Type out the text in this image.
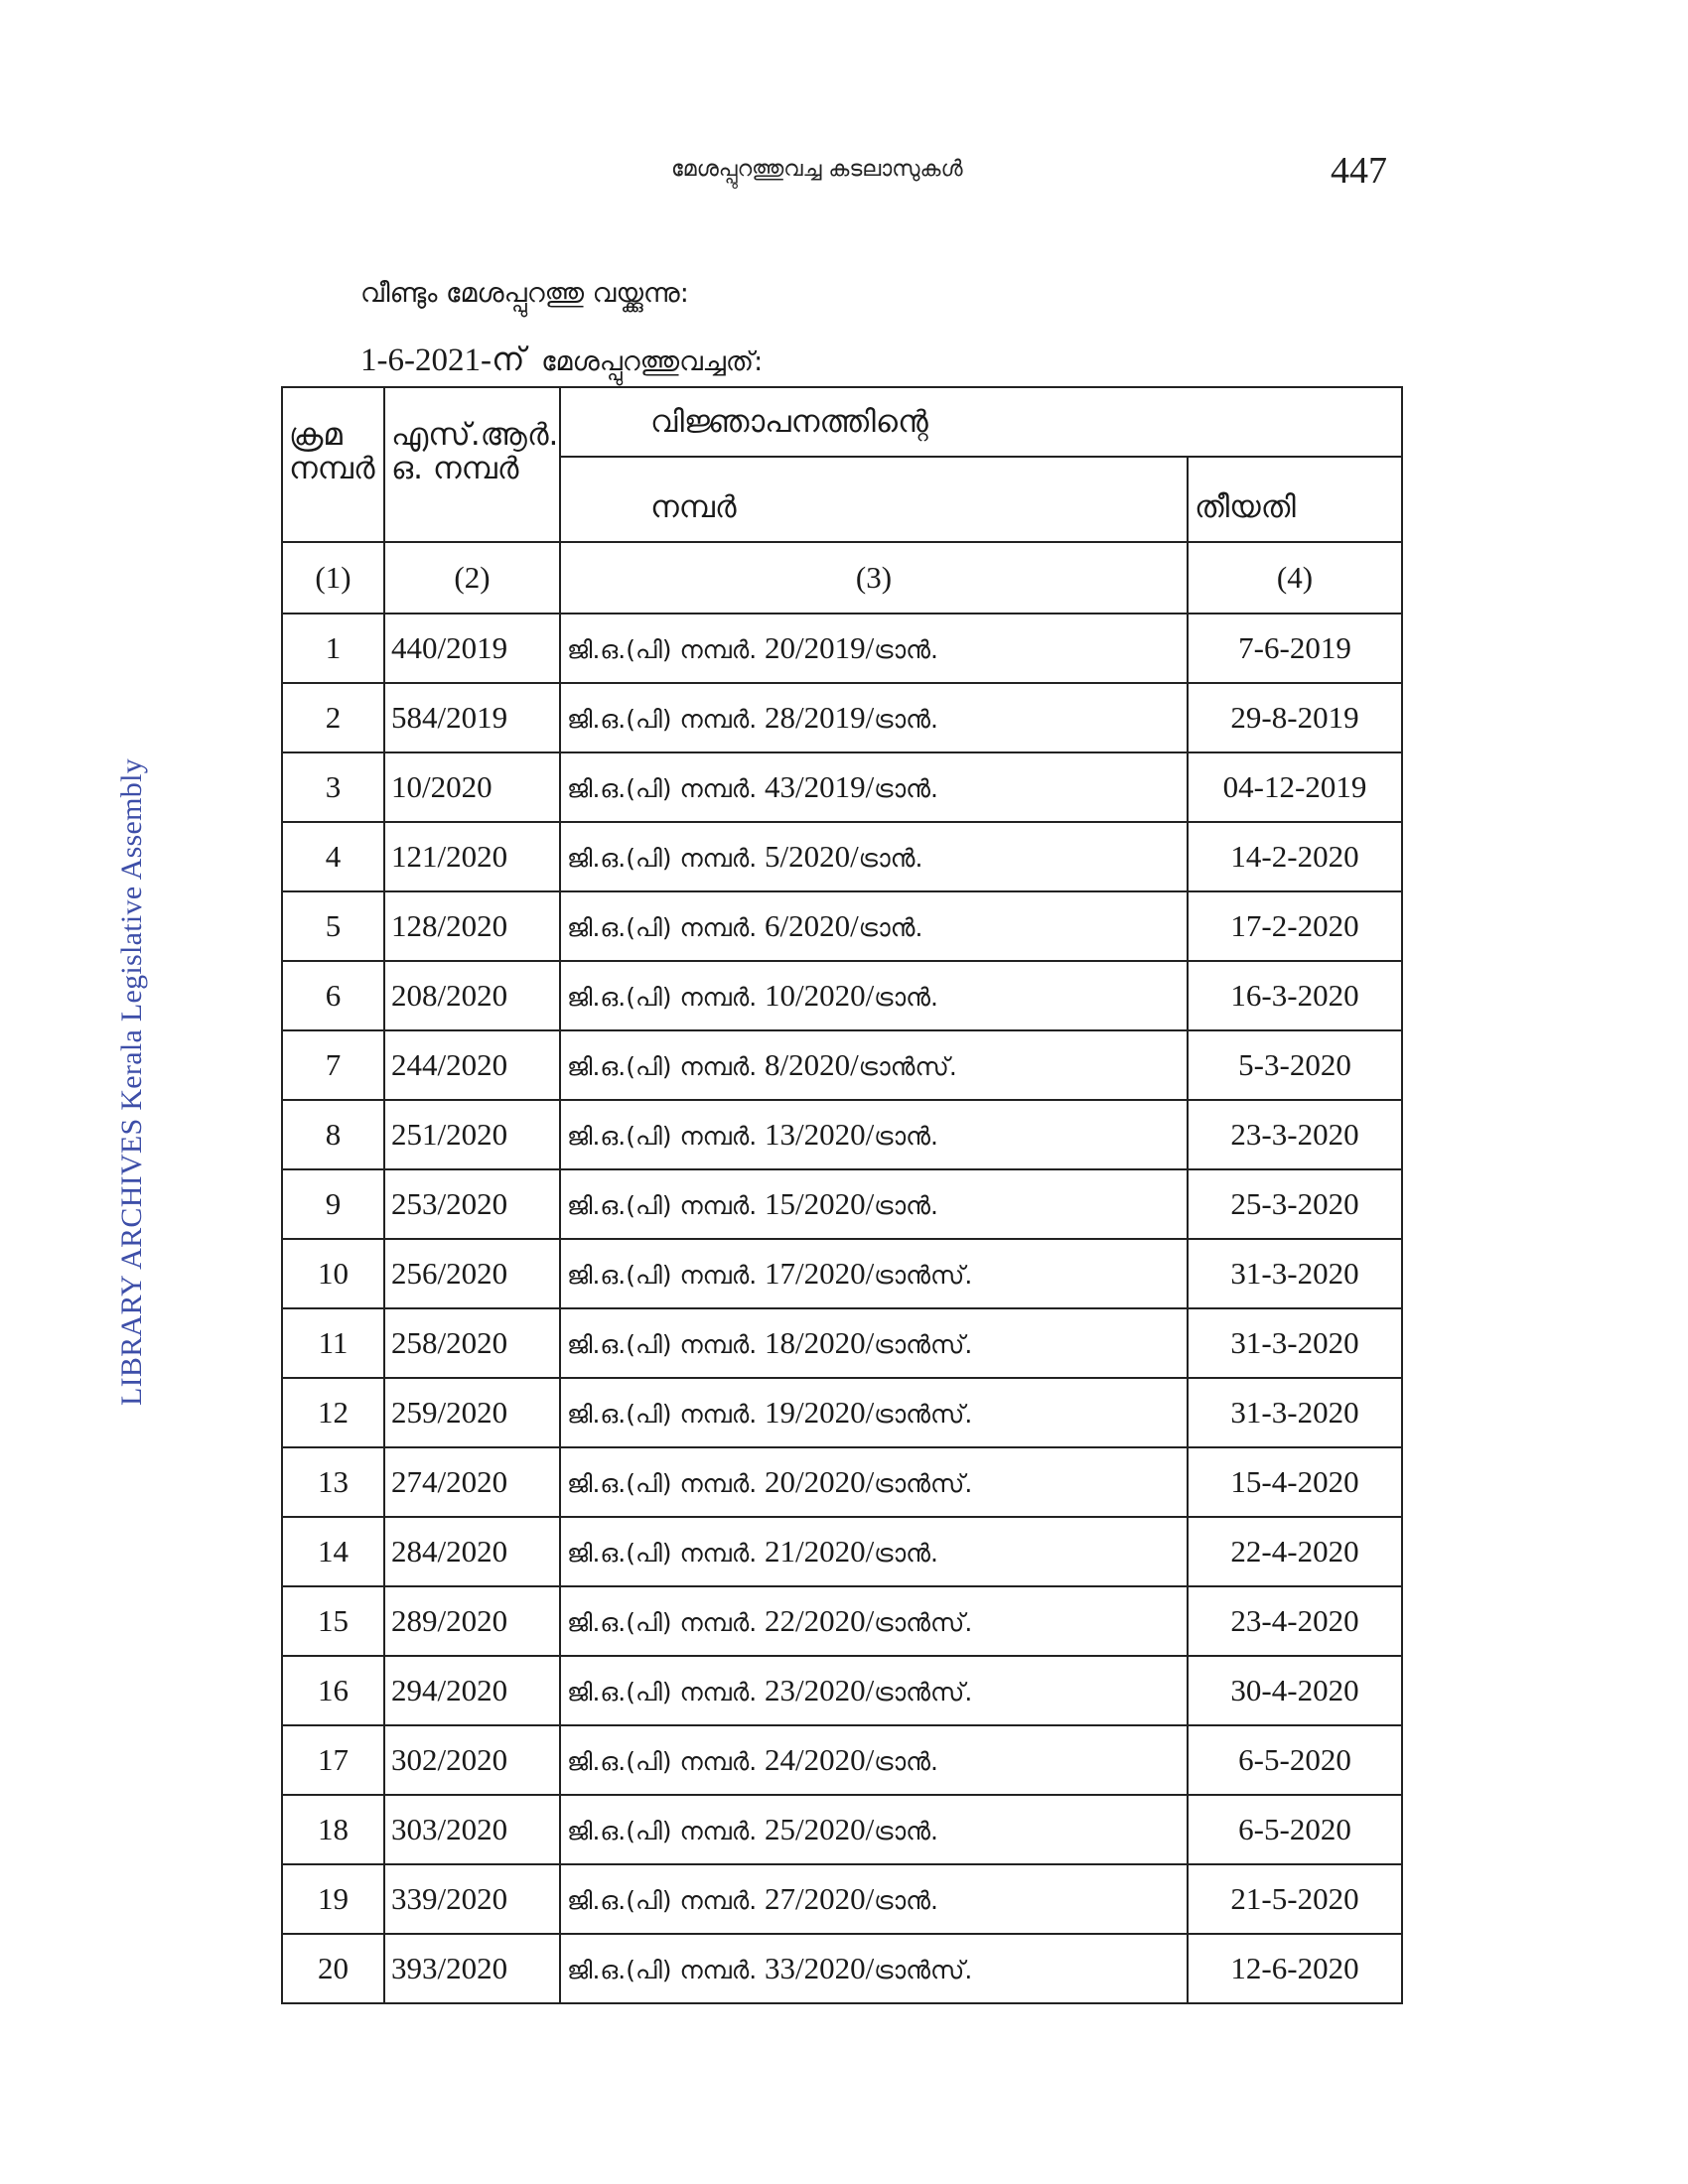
മേശപ്പുറത്തുവച്ച കടലാസുകൾ	447
വീണ്ടും മേശപ്പുറത്തു വയ്ക്കുന്നു:
1-6-2021-ന് മേശപ്പുറത്തുവച്ചത്:
LIBRARY ARCHIVES Kerala Legislative Assembly
ക്രമ നമ്പർ	എസ്.ആർ. ഒ. നമ്പർ	വിജ്ഞാപനത്തിന്റെ	
		നമ്പർ	തീയതി
(1)	(2)	(3)	(4)
1	440/2019	ജി.ഒ.(പി) നമ്പർ. 20/2019/ട്രാൻ.	7-6-2019
2	584/2019	ജി.ഒ.(പി) നമ്പർ. 28/2019/ട്രാൻ.	29-8-2019
3	10/2020	ജി.ഒ.(പി) നമ്പർ. 43/2019/ട്രാൻ.	04-12-2019
4	121/2020	ജി.ഒ.(പി) നമ്പർ. 5/2020/ട്രാൻ.	14-2-2020
5	128/2020	ജി.ഒ.(പി) നമ്പർ. 6/2020/ട്രാൻ.	17-2-2020
6	208/2020	ജി.ഒ.(പി) നമ്പർ. 10/2020/ട്രാൻ.	16-3-2020
7	244/2020	ജി.ഒ.(പി) നമ്പർ. 8/2020/ട്രാൻസ്.	5-3-2020
8	251/2020	ജി.ഒ.(പി) നമ്പർ. 13/2020/ട്രാൻ.	23-3-2020
9	253/2020	ജി.ഒ.(പി) നമ്പർ. 15/2020/ട്രാൻ.	25-3-2020
10	256/2020	ജി.ഒ.(പി) നമ്പർ. 17/2020/ട്രാൻസ്.	31-3-2020
11	258/2020	ജി.ഒ.(പി) നമ്പർ. 18/2020/ട്രാൻസ്.	31-3-2020
12	259/2020	ജി.ഒ.(പി) നമ്പർ. 19/2020/ട്രാൻസ്.	31-3-2020
13	274/2020	ജി.ഒ.(പി) നമ്പർ. 20/2020/ട്രാൻസ്.	15-4-2020
14	284/2020	ജി.ഒ.(പി) നമ്പർ. 21/2020/ട്രാൻ.	22-4-2020
15	289/2020	ജി.ഒ.(പി) നമ്പർ. 22/2020/ട്രാൻസ്.	23-4-2020
16	294/2020	ജി.ഒ.(പി) നമ്പർ. 23/2020/ട്രാൻസ്.	30-4-2020
17	302/2020	ജി.ഒ.(പി) നമ്പർ. 24/2020/ട്രാൻ.	6-5-2020
18	303/2020	ജി.ഒ.(പി) നമ്പർ. 25/2020/ട്രാൻ.	6-5-2020
19	339/2020	ജി.ഒ.(പി) നമ്പർ. 27/2020/ട്രാൻ.	21-5-2020
20	393/2020	ജി.ഒ.(പി) നമ്പർ. 33/2020/ട്രാൻസ്.	12-6-2020
